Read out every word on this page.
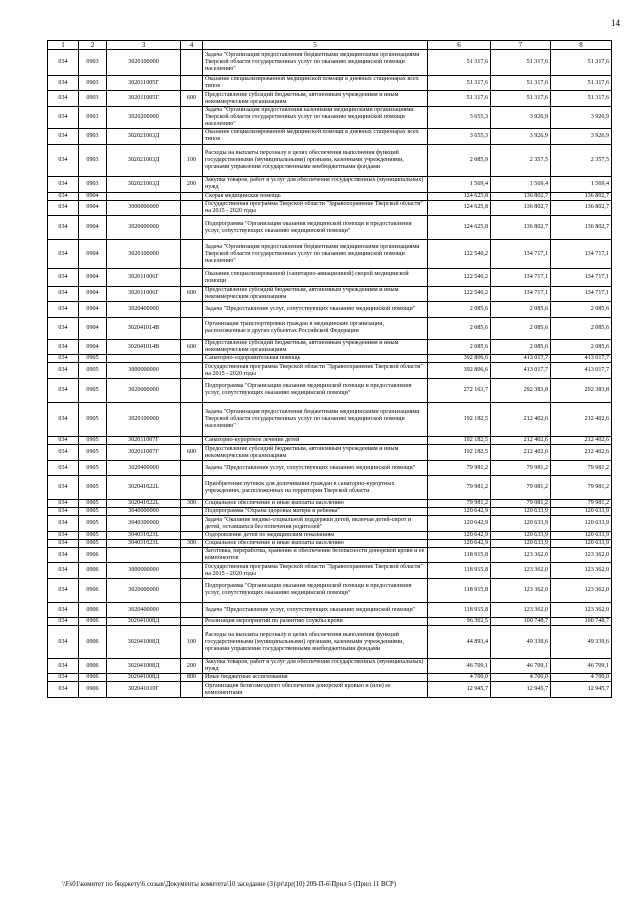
14
1	2	3	4	5	6	7	8
034	0903	3020100000		Задача "Организация предоставления бюджетными медицинскими организациями Тверской области государственных услуг по оказанию медицинской помощи населению"	51 317,6	51 317,6	51 317,6
034	0903	302011005Г		Оказание специализированной медицинской помощи в дневных стационарах всех типов	51 317,6	51 317,6	51 317,6
034	0903	302011005Г	600	Предоставление субсидий бюджетным, автономным учреждениям и иным некоммерческим организациям	51 317,6	51 317,6	51 317,6
034	0903	3020200000		Задача "Организация предоставления казенными медицинскими организациями Тверской области государственных услуг по оказанию медицинской помощи населению"	3 655,3	3 926,9	3 926,9
034	0903	302021003Д		Оказание специализированной медицинской помощи в дневных стационарах всех типов	3 655,3	3 926,9	3 926,9
034	0903	302021003Д	100	Расходы на выплаты персоналу в целях обеспечения выполнения функций государственными (муниципальными) органами, казенными учреждениями, органами управления государственными внебюджетными фондами	2 085,9	2 357,5	2 357,5
034	0903	302021003Д	200	Закупка товаров, работ и услуг для обеспечения государственных (муниципальных) нужд	1 569,4	1 569,4	1 569,4
034	0904			Скорая медицинская помощь	124 625,8	136 802,7	136 802,7
034	0904	3000000000		Государственная программа Тверской области "Здравоохранение Тверской области" на 2015 - 2020 годы	124 625,8	136 802,7	136 802,7
034	0904	3020000000		Подпрограмма "Организация оказания медицинской помощи и предоставления услуг, сопутствующих оказанию медицинской помощи"	124 625,8	136 802,7	136 802,7
034	0904	3020100000		Задача "Организация предоставления бюджетными медицинскими организациями Тверской области государственных услуг по оказанию медицинской помощи населению"	122 540,2	134 717,1	134 717,1
034	0904	302011006Г		Оказание специализированной (санитарно-авиационной) скорой медицинской помощи	122 540,2	134 717,1	134 717,1
034	0904	302011006Г	600	Предоставление субсидий бюджетным, автономным учреждениям и иным некоммерческим организациям	122 540,2	134 717,1	134 717,1
034	0904	3020400000		Задача "Предоставление услуг, сопутствующих оказанию медицинской помощи"	2 085,6	2 085,6	2 085,6
034	0904	302041014В		Организация транспортировки граждан в медицинские организации, расположенные в других субъектах Российской Федерации	2 085,6	2 085,6	2 085,6
034	0904	302041014В	600	Предоставление субсидий бюджетным, автономным учреждениям и иным некоммерческим организациям	2 085,6	2 085,6	2 085,6
034	0905			Санаторно-оздоровительная помощь	392 806,6	413 017,7	413 017,7
034	0905	3000000000		Государственная программа Тверской области "Здравоохранение Тверской области" на 2015 - 2020 годы	392 806,6	413 017,7	413 017,7
034	0905	3020000000		Подпрограмма "Организация оказания медицинской помощи и предоставления услуг, сопутствующих оказанию медицинской помощи"	272 163,7	292 383,8	292 383,8
034	0905	3020100000		Задача "Организация предоставления бюджетными медицинскими организациями Тверской области государственных услуг по оказанию медицинской помощи населению"	192 182,5	212 402,6	212 402,6
034	0905	302011007Г		Санаторно-курортное лечение детей	192 182,5	212 402,6	212 402,6
034	0905	302011007Г	600	Предоставление субсидий бюджетным, автономным учреждениям и иным некоммерческим организациям	192 182,5	212 402,6	212 402,6
034	0905	3020400000		Задача "Предоставление услуг, сопутствующих оказанию медицинской помощи"	79 981,2	79 981,2	79 981,2
034	0905	302041022L		Приобретение путевок для долечивания граждан в санаторно-курортных учреждениях, расположенных на территории Тверской области	79 981,2	79 981,2	79 981,2
034	0905	302041022L	300	Социальное обеспечение и иные выплаты населению	79 981,2	79 981,2	79 981,2
034	0905	3040000000		Подпрограмма "Охрана здоровья матери и ребенка"	120 642,9	120 633,9	120 633,9
034	0905	3040300000		Задача "Оказание медико-социальной поддержки детей, включая детей-сирот и детей, оставшихся без попечения родителей"	120 642,9	120 633,9	120 633,9
034	0905	304031023L		Оздоровление детей по медицинским показаниям	120 642,9	120 633,9	120 633,9
034	0905	304031023L	300	Социальное обеспечение и иные выплаты населению	120 642,9	120 633,9	120 633,9
034	0906			Заготовка, переработка, хранение и обеспечение безопасности донорской крови и ее компонентов	118 915,8	123 362,0	123 362,0
034	0906	3000000000		Государственная программа Тверской области "Здравоохранение Тверской области" на 2015 - 2020 годы	118 915,8	123 362,0	123 362,0
034	0906	3020000000		Подпрограмма "Организация оказания медицинской помощи и предоставления услуг, сопутствующих оказанию медицинской помощи"	118 915,8	123 362,0	123 362,0
034	0906	3020400000		Задача "Предоставление услуг, сопутствующих оказанию медицинской помощи"	118 915,8	123 362,0	123 362,0
034	0906	302041008Д		Реализация мероприятий по развитию службы крови	96 302,5	100 748,7	100 748,7
034	0906	302041008Д	100	Расходы на выплаты персоналу в целях обеспечения выполнения функций государственными (муниципальными) органами, казенными учреждениями, органами управления государственными внебюджетными фондами	44 893,4	49 339,6	49 339,6
034	0906	302041008Д	200	Закупка товаров, работ и услуг для обеспечения государственных (муниципальных) нужд	46 709,1	46 709,1	46 709,1
034	0906	302041008Д	800	Иные бюджетные ассигнования	4 700,0	4 700,0	4 700,0
034	0906	302041010Г		Организация безвозмездного обеспечения донорской кровью и (или) ее компонентами	12 945,7	12 945,7	12 945,7
\\Fs01\комитет по бюджету\6 созыв\Документы комитета\10 заседание (3)\pr\zpr(10) 209-П-6\Прил 5 (Прил 11 ВСР)
